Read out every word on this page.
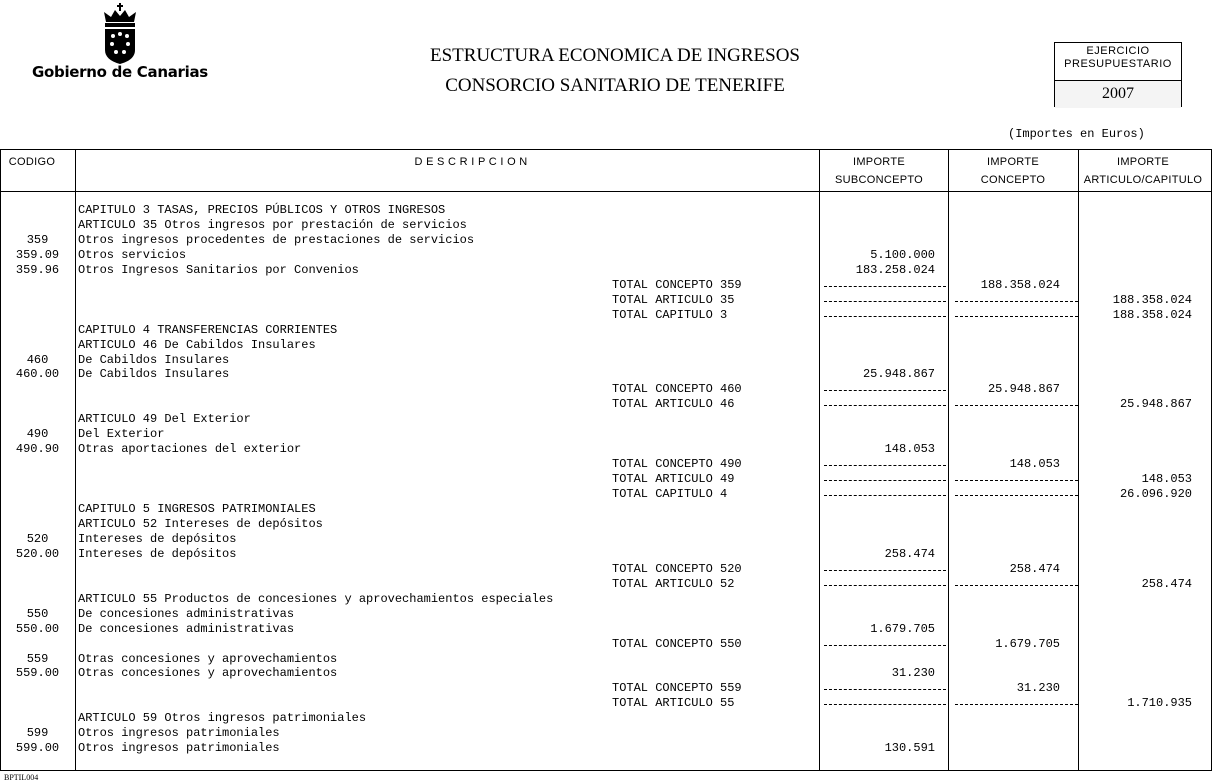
Gobierno de Canarias
ESTRUCTURA ECONOMICA DE INGRESOS
CONSORCIO SANITARIO DE TENERIFE
EJERCICIO
PRESUPUESTARIO
2007
(Importes en Euros)
CODIGO	D E S C R I P C I O N	IMPORTE
SUBCONCEPTO
IMPORTE
CONCEPTO
IMPORTE
ARTICULO/CAPITULO
CAPITULO 3 TASAS, PRECIOS PÚBLICOS Y OTROS INGRESOS
ARTICULO 35 Otros ingresos por prestación de servicios
359	Otros ingresos procedentes de prestaciones de servicios
359.09	Otros servicios	5.100.000
359.96	Otros Ingresos Sanitarios por Convenios	183.258.024
TOTAL CONCEPTO 359	188.358.024
TOTAL ARTICULO 35	188.358.024
TOTAL CAPITULO 3	188.358.024
CAPITULO 4 TRANSFERENCIAS CORRIENTES
ARTICULO 46 De Cabildos Insulares
460	De Cabildos Insulares
460.00	De Cabildos Insulares	25.948.867
TOTAL CONCEPTO 460	25.948.867
TOTAL ARTICULO 46	25.948.867
ARTICULO 49 Del Exterior
490	Del Exterior
490.90	Otras aportaciones del exterior	148.053
TOTAL CONCEPTO 490	148.053
TOTAL ARTICULO 49	148.053
TOTAL CAPITULO 4	26.096.920
CAPITULO 5 INGRESOS PATRIMONIALES
ARTICULO 52 Intereses de depósitos
520	Intereses de depósitos
520.00	Intereses de depósitos	258.474
TOTAL CONCEPTO 520	258.474
TOTAL ARTICULO 52	258.474
ARTICULO 55 Productos de concesiones y aprovechamientos especiales
550	De concesiones administrativas
550.00	De concesiones administrativas	1.679.705
TOTAL CONCEPTO 550	1.679.705
559	Otras concesiones y aprovechamientos
559.00	Otras concesiones y aprovechamientos	31.230
TOTAL CONCEPTO 559	31.230
TOTAL ARTICULO 55	1.710.935
ARTICULO 59 Otros ingresos patrimoniales
599	Otros ingresos patrimoniales
599.00	Otros ingresos patrimoniales	130.591
BPTIL004
